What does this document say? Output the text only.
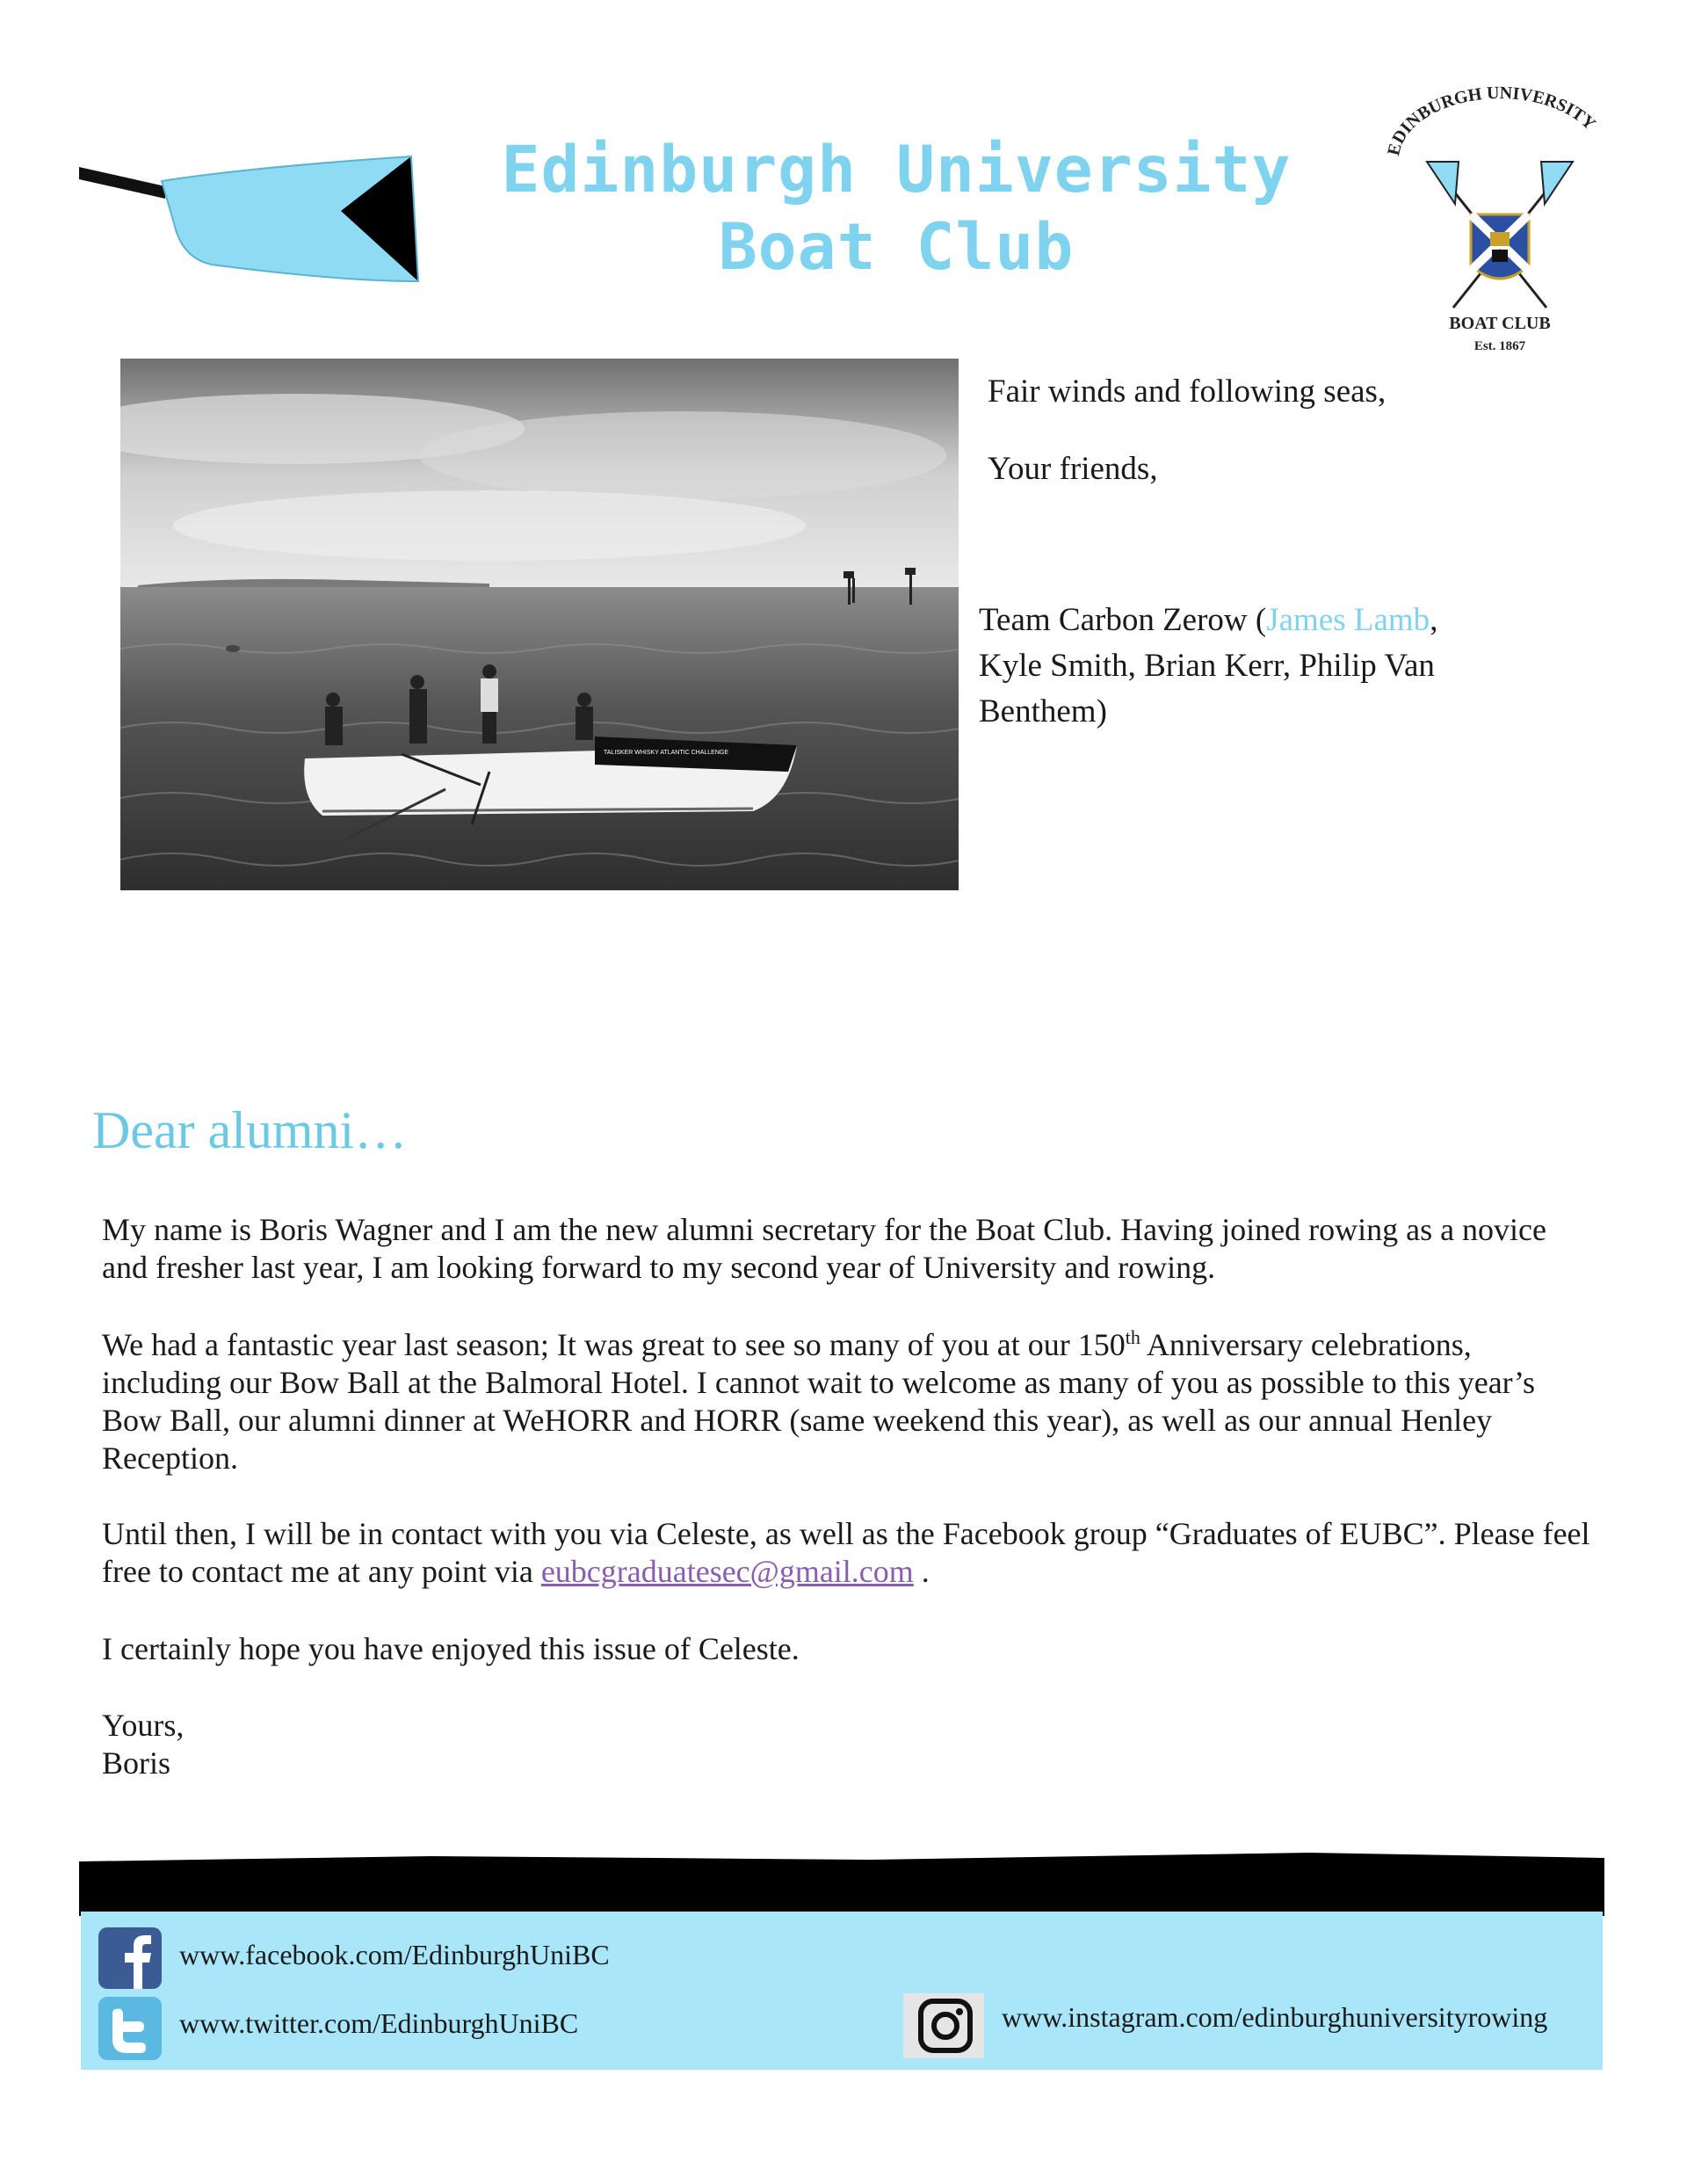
Edinburgh University
Boat Club
EDINBURGH UNIVERSITY
BOAT CLUB
Est. 1867
TALISKER WHISKY ATLANTIC CHALLENGE
Fair winds and following seas,
Your friends,
Team Carbon Zerow (James Lamb, Kyle Smith, Brian Kerr, Philip Van Benthem)
Dear alumni…
My name is Boris Wagner and I am the new alumni secretary for the Boat Club. Having joined rowing as a novice and fresher last year, I am looking forward to my second year of University and rowing.
We had a fantastic year last season; It was great to see so many of you at our 150th Anniversary celebrations, including our Bow Ball at the Balmoral Hotel. I cannot wait to welcome as many of you as possible to this year’s Bow Ball, our alumni dinner at WeHORR and HORR (same weekend this year), as well as our annual Henley Reception.
Until then, I will be in contact with you via Celeste, as well as the Facebook group “Graduates of EUBC”. Please feel free to contact me at any point via eubcgraduatesec@gmail.com .
I certainly hope you have enjoyed this issue of Celeste.
Yours,
Boris
www.facebook.com/EdinburghUniBC
www.twitter.com/EdinburghUniBC	www.instagram.com/edinburghuniversityrowing
